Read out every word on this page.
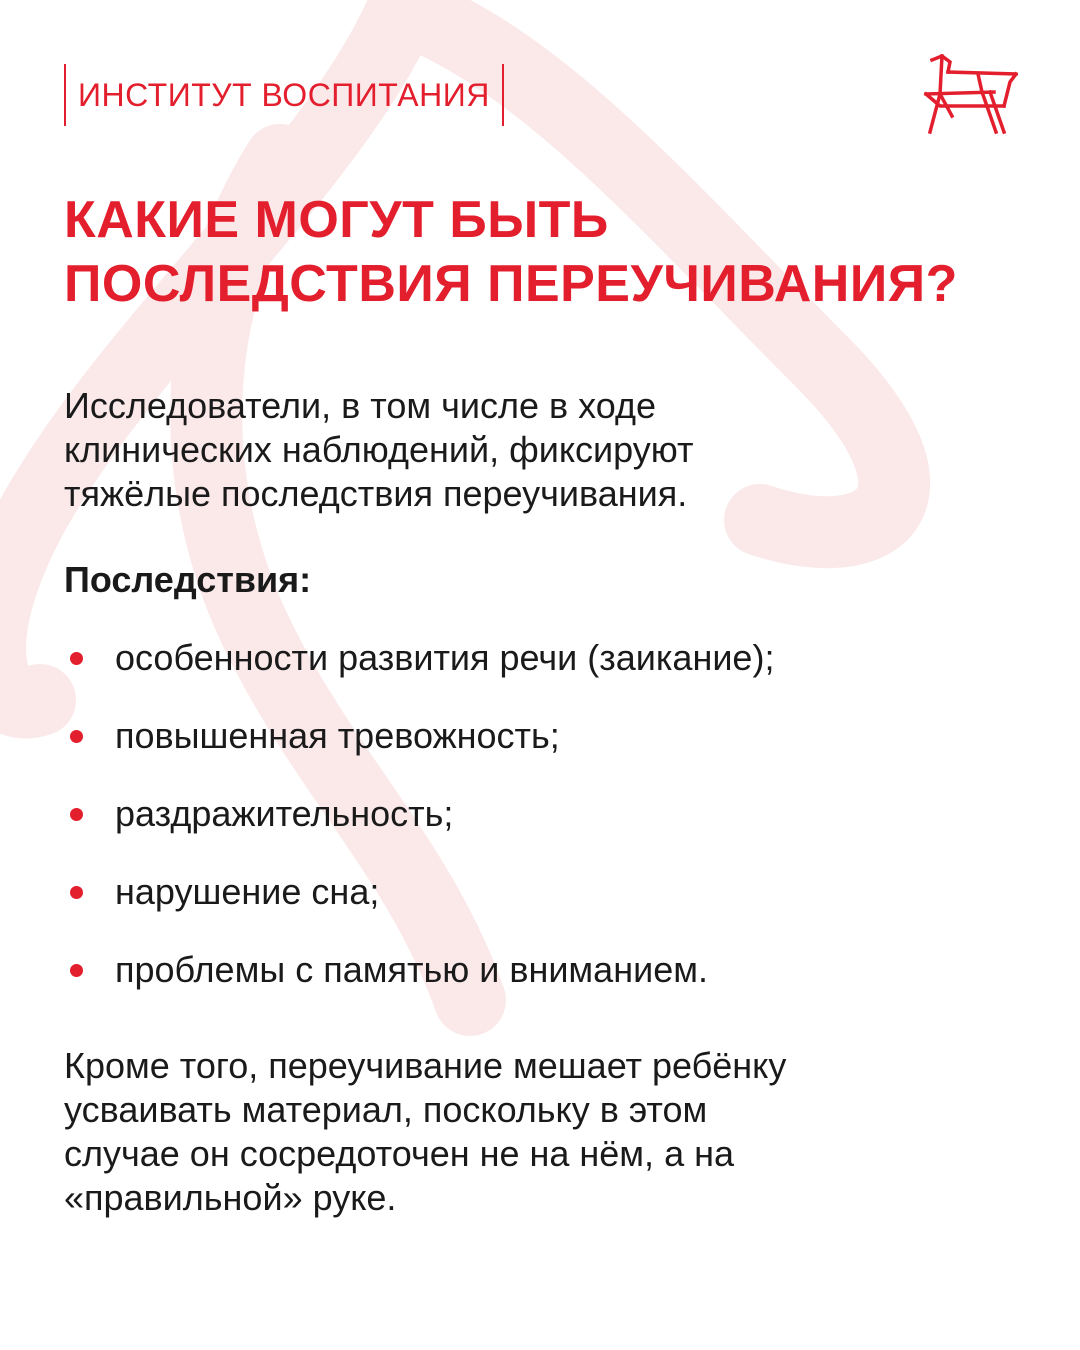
ИНСТИТУТ ВОСПИТАНИЯ
КАКИЕ МОГУТ БЫТЬ
ПОСЛЕДСТВИЯ ПЕРЕУЧИВАНИЯ?
Исследователи, в том числе в ходе
клинических наблюдений, фиксируют
тяжёлые последствия переучивания.
Последствия:
особенности развития речи (заикание);
повышенная тревожность;
раздражительность;
нарушение сна;
проблемы с памятью и вниманием.
Кроме того, переучивание мешает ребёнку
усваивать материал, поскольку в этом
случае он сосредоточен не на нём, а на
«правильной» руке.
